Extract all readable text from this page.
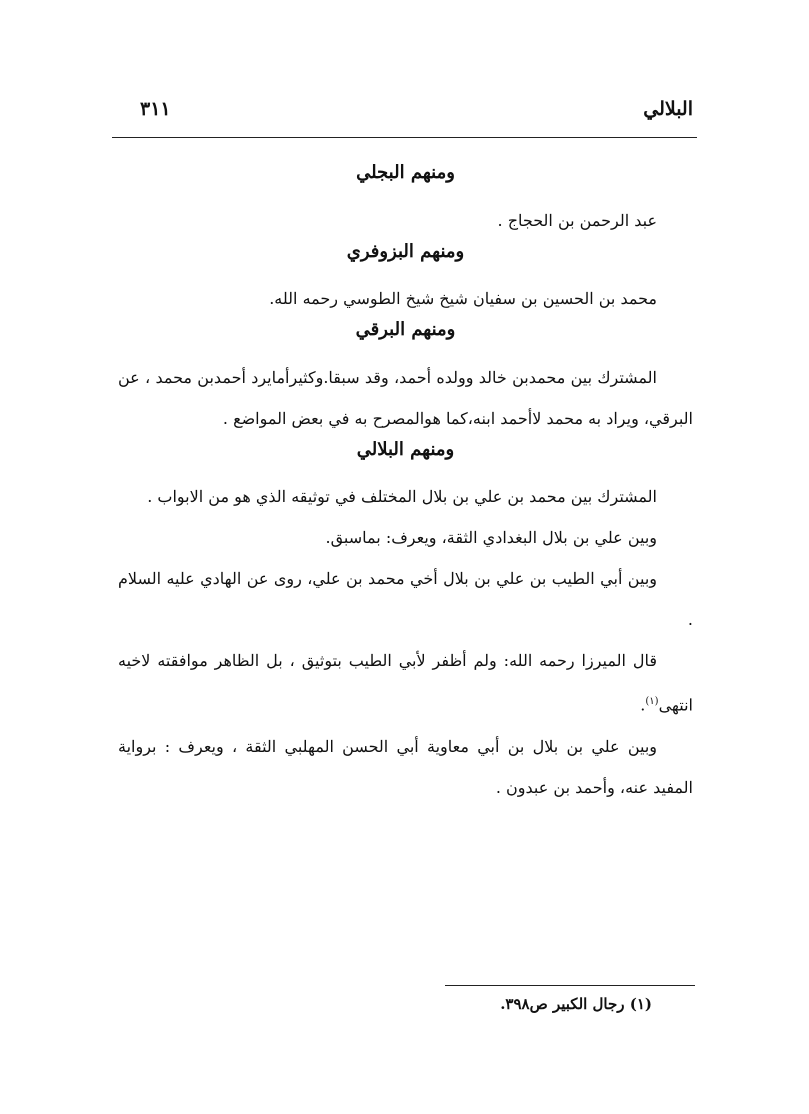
البلالي
٣١١
ومنهم البجلي

عبد الرحمن بن الحجاج .

ومنهم البزوفري

محمد بن الحسين بن سفيان شيخ شيخ الطوسي رحمه الله.

ومنهم البرقي

المشترك بين محمدبن خالد وولده أحمد، وقد سبقا.وكثيرأمايرد أحمدبن محمد ، عن البرقي، ويراد به محمد لاأحمد ابنه،كما هوالمصرح به في بعض المواضع .

ومنهم البلالي

المشترك بين محمد بن علي بن بلال المختلف في توثيقه الذي هو من الابواب .

وبين علي بن بلال البغدادي الثقة، ويعرف: بماسبق.

وبين أبي الطيب بن علي بن بلال أخي محمد بن علي، روى عن الهادي عليه السلام .

قال الميرزا رحمه الله: ولم أظفر لأبي الطيب بتوثيق ، بل الظاهر موافقته لاخيه انتهى$^{(١)}$.

وبين علي بن بلال بن أبي معاوية أبي الحسن المهلبي الثقة ، ويعرف : برواية المفيد عنه، وأحمد بن عبدون .

(١) رجال الكبير ص٣٩٨.
